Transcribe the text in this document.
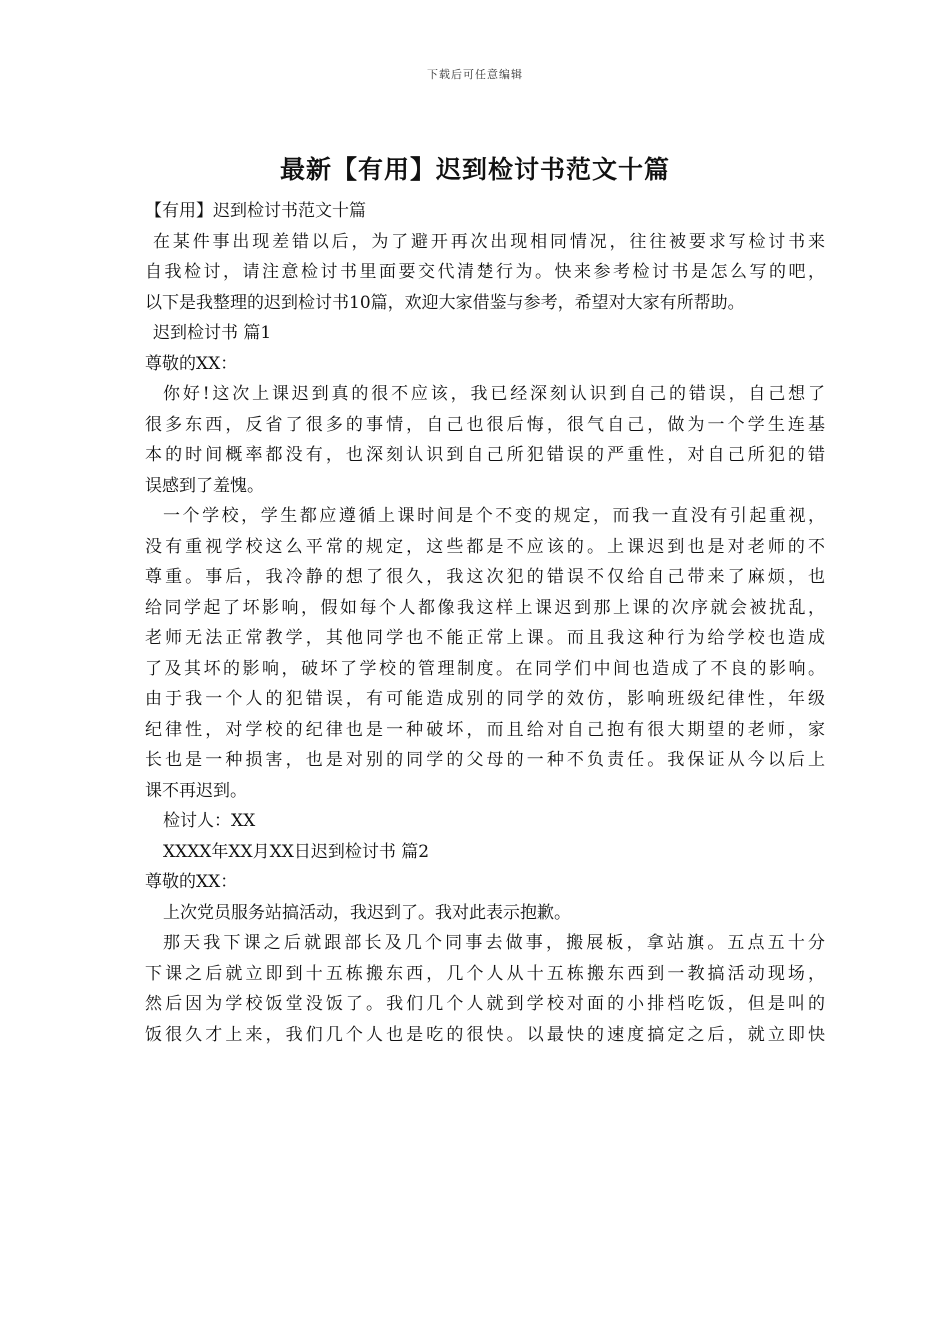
下载后可任意编辑
最新【有用】迟到检讨书范文十篇
【有用】迟到检讨书范文十篇
在某件事出现差错以后，为了避开再次出现相同情况，往往被要求写检讨书来
自我检讨，请注意检讨书里面要交代清楚行为。快来参考检讨书是怎么写的吧，
以下是我整理的迟到检讨书10篇，欢迎大家借鉴与参考，希望对大家有所帮助。
迟到检讨书 篇1
尊敬的XX：
你好!这次上课迟到真的很不应该，我已经深刻认识到自己的错误，自己想了
很多东西，反省了很多的事情，自己也很后悔，很气自己，做为一个学生连基
本的时间概率都没有，也深刻认识到自己所犯错误的严重性，对自己所犯的错
误感到了羞愧。
一个学校，学生都应遵循上课时间是个不变的规定，而我一直没有引起重视，
没有重视学校这么平常的规定，这些都是不应该的。上课迟到也是对老师的不
尊重。事后，我冷静的想了很久，我这次犯的错误不仅给自己带来了麻烦，也
给同学起了坏影响，假如每个人都像我这样上课迟到那上课的次序就会被扰乱，
老师无法正常教学，其他同学也不能正常上课。而且我这种行为给学校也造成
了及其坏的影响，破坏了学校的管理制度。在同学们中间也造成了不良的影响。
由于我一个人的犯错误，有可能造成别的同学的效仿，影响班级纪律性，年级
纪律性，对学校的纪律也是一种破坏，而且给对自己抱有很大期望的老师，家
长也是一种损害，也是对别的同学的父母的一种不负责任。我保证从今以后上
课不再迟到。
检讨人：XX
XXXX年XX月XX日迟到检讨书 篇2
尊敬的XX：
上次党员服务站搞活动，我迟到了。我对此表示抱歉。
那天我下课之后就跟部长及几个同事去做事，搬展板，拿站旗。五点五十分
下课之后就立即到十五栋搬东西，几个人从十五栋搬东西到一教搞活动现场，
然后因为学校饭堂没饭了。我们几个人就到学校对面的小排档吃饭，但是叫的
饭很久才上来，我们几个人也是吃的很快。以最快的速度搞定之后，就立即快
